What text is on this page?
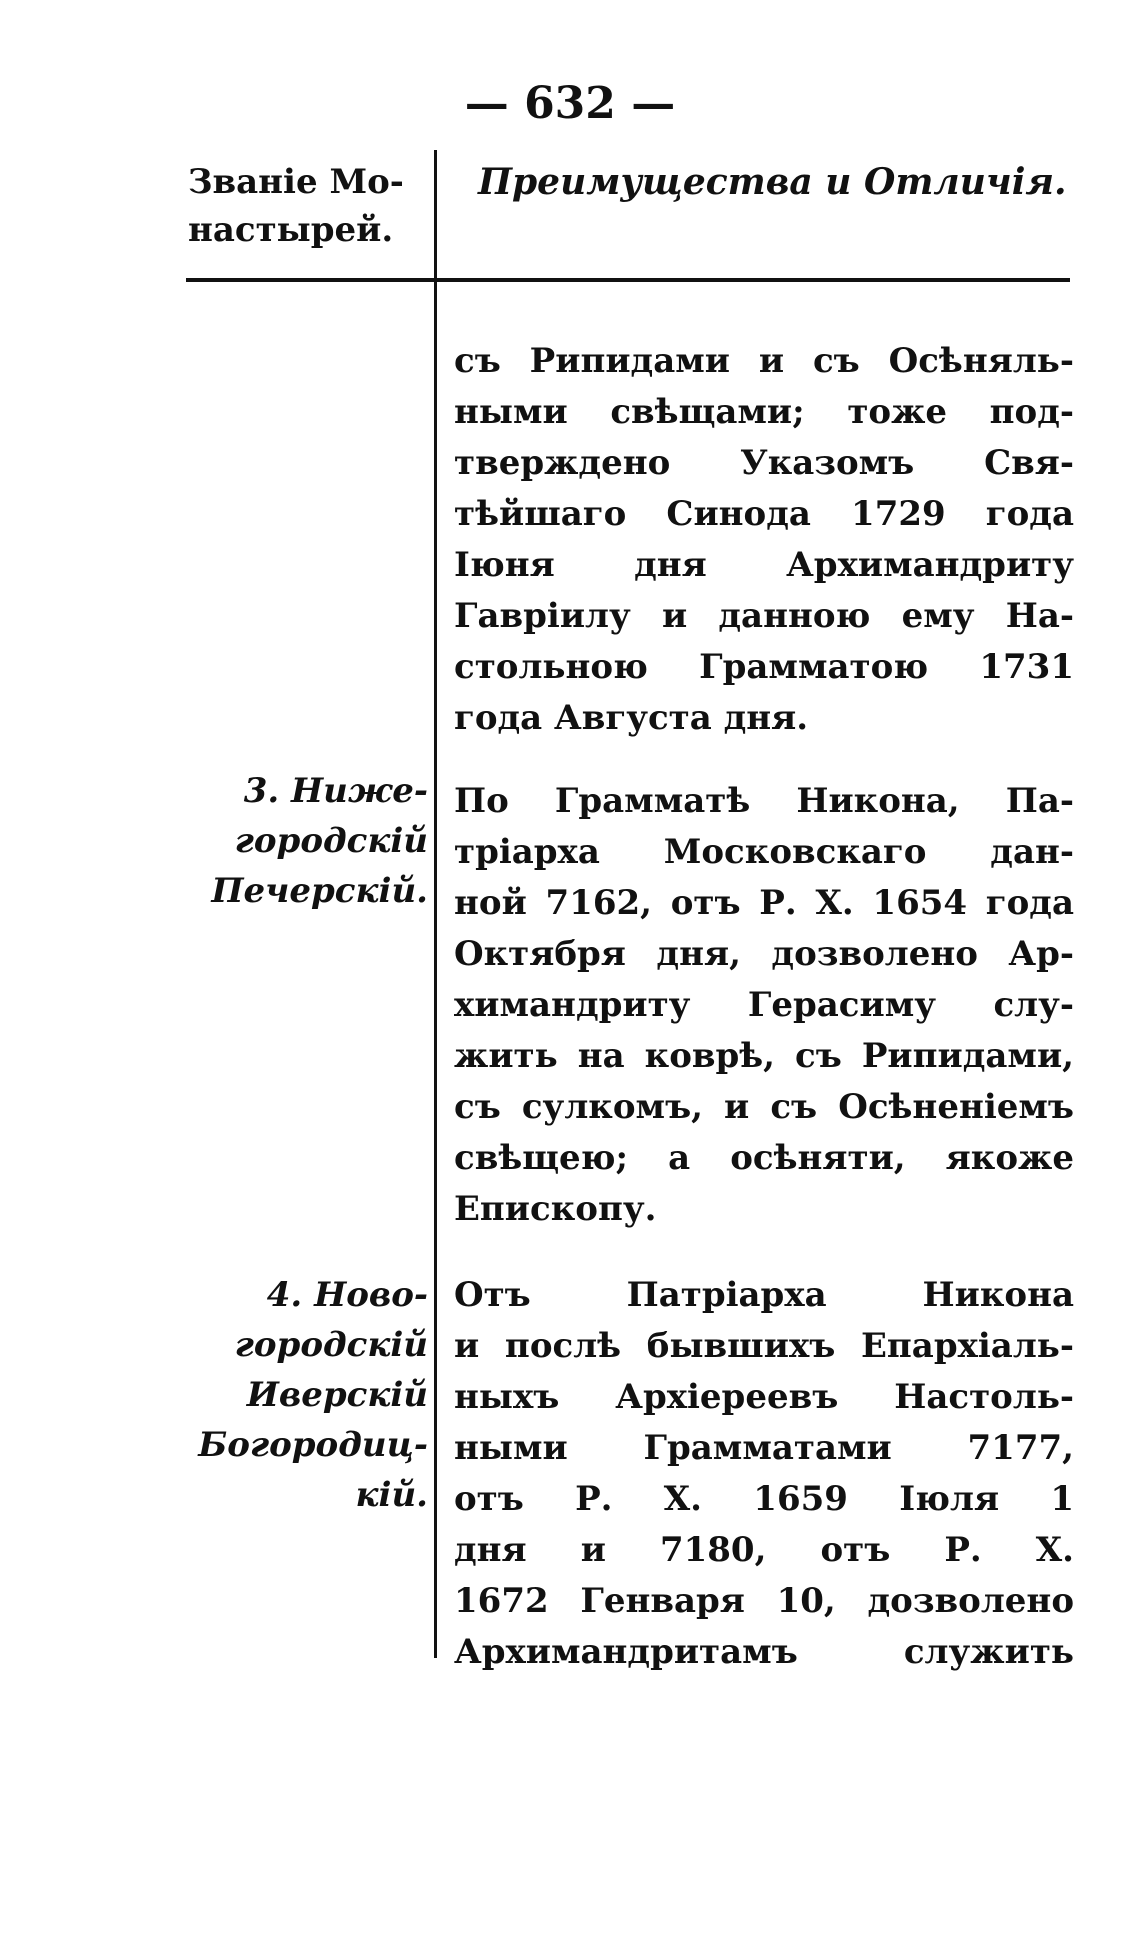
— 632 —
Званіе Мо-
настырей.
Преимущества и Отличія.
съ Рипидами и съ Осѣняль-
ными свѣщами; тоже под-
тверждено Указомъ Свя-
тѣйшаго Синода 1729 года
Іюня дня Архимандриту
Гавріилу и данною ему На-
стольною Грамматою 1731
года Августа дня.
3. Ниже-
городскій
Печерскій.
По Грамматѣ Никона, Па-
тріарха Московскаго дан-
ной 7162, отъ Р. Х. 1654 года
Октября дня, дозволено Ар-
химандриту Герасиму слу-
жить на коврѣ, съ Рипидами,
съ сулкомъ, и съ Осѣненіемъ
свѣщею; а осѣняти, якоже
Епископу.
4. Ново-
городскій
Иверскій
Богородиц-
кій.
Отъ Патріарха Никона
и послѣ бывшихъ Епархіаль-
ныхъ Архіереевъ Настоль-
ными Грамматами 7177,
отъ Р. Х. 1659 Іюля 1
дня и 7180, отъ Р. Х.
1672 Генваря 10, дозволено
Архимандритамъ служить
